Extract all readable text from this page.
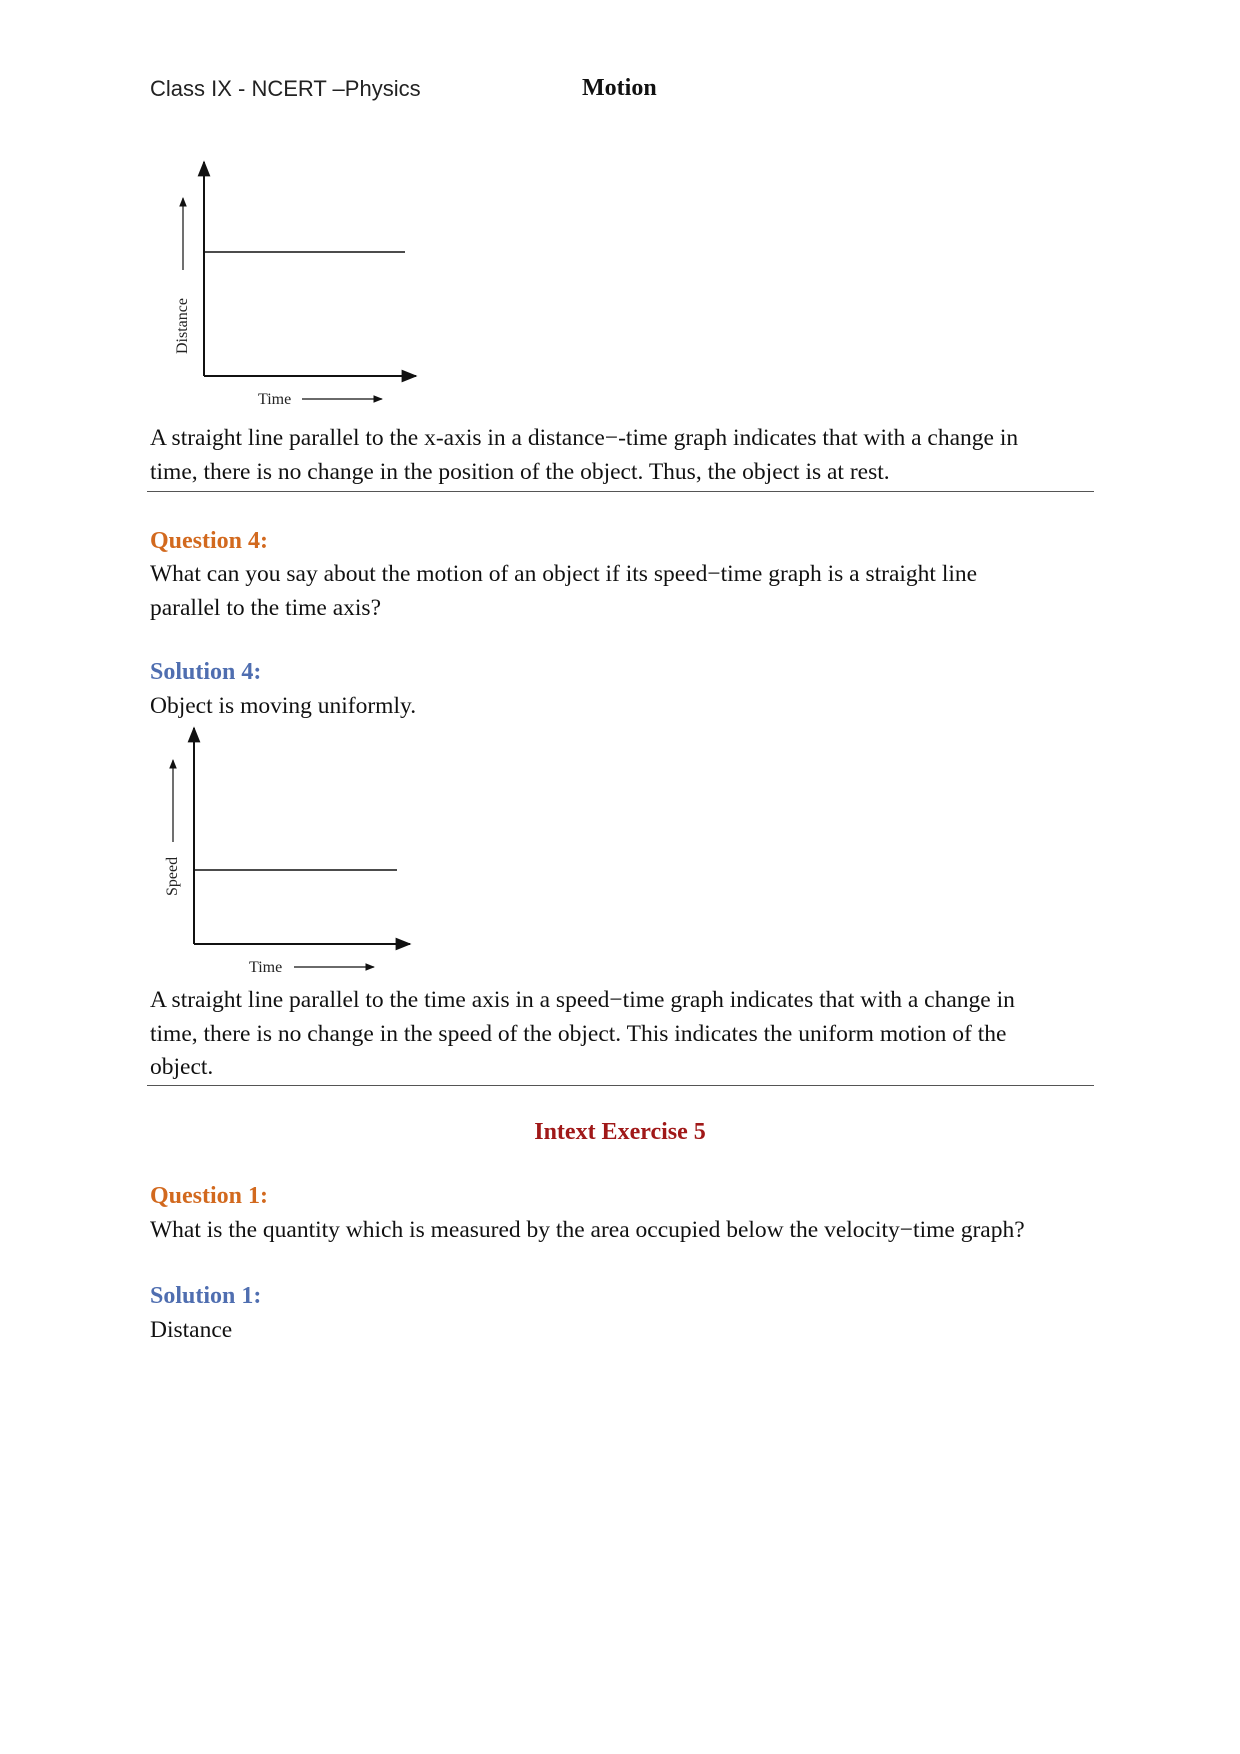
Class IX - NCERT –Physics	Motion
Distance
Time
A straight line parallel to the x-axis in a distance−-time graph indicates that with a change in
time, there is no change in the position of the object. Thus, the object is at rest.
Question 4:
What can you say about the motion of an object if its speed−time graph is a straight line
parallel to the time axis?
Solution 4:
Object is moving uniformly.
Speed
Time
A straight line parallel to the time axis in a speed−time graph indicates that with a change in
time, there is no change in the speed of the object. This indicates the uniform motion of the
object.
Intext Exercise 5
Question 1:
What is the quantity which is measured by the area occupied below the velocity−time graph?
Solution 1:
Distance
